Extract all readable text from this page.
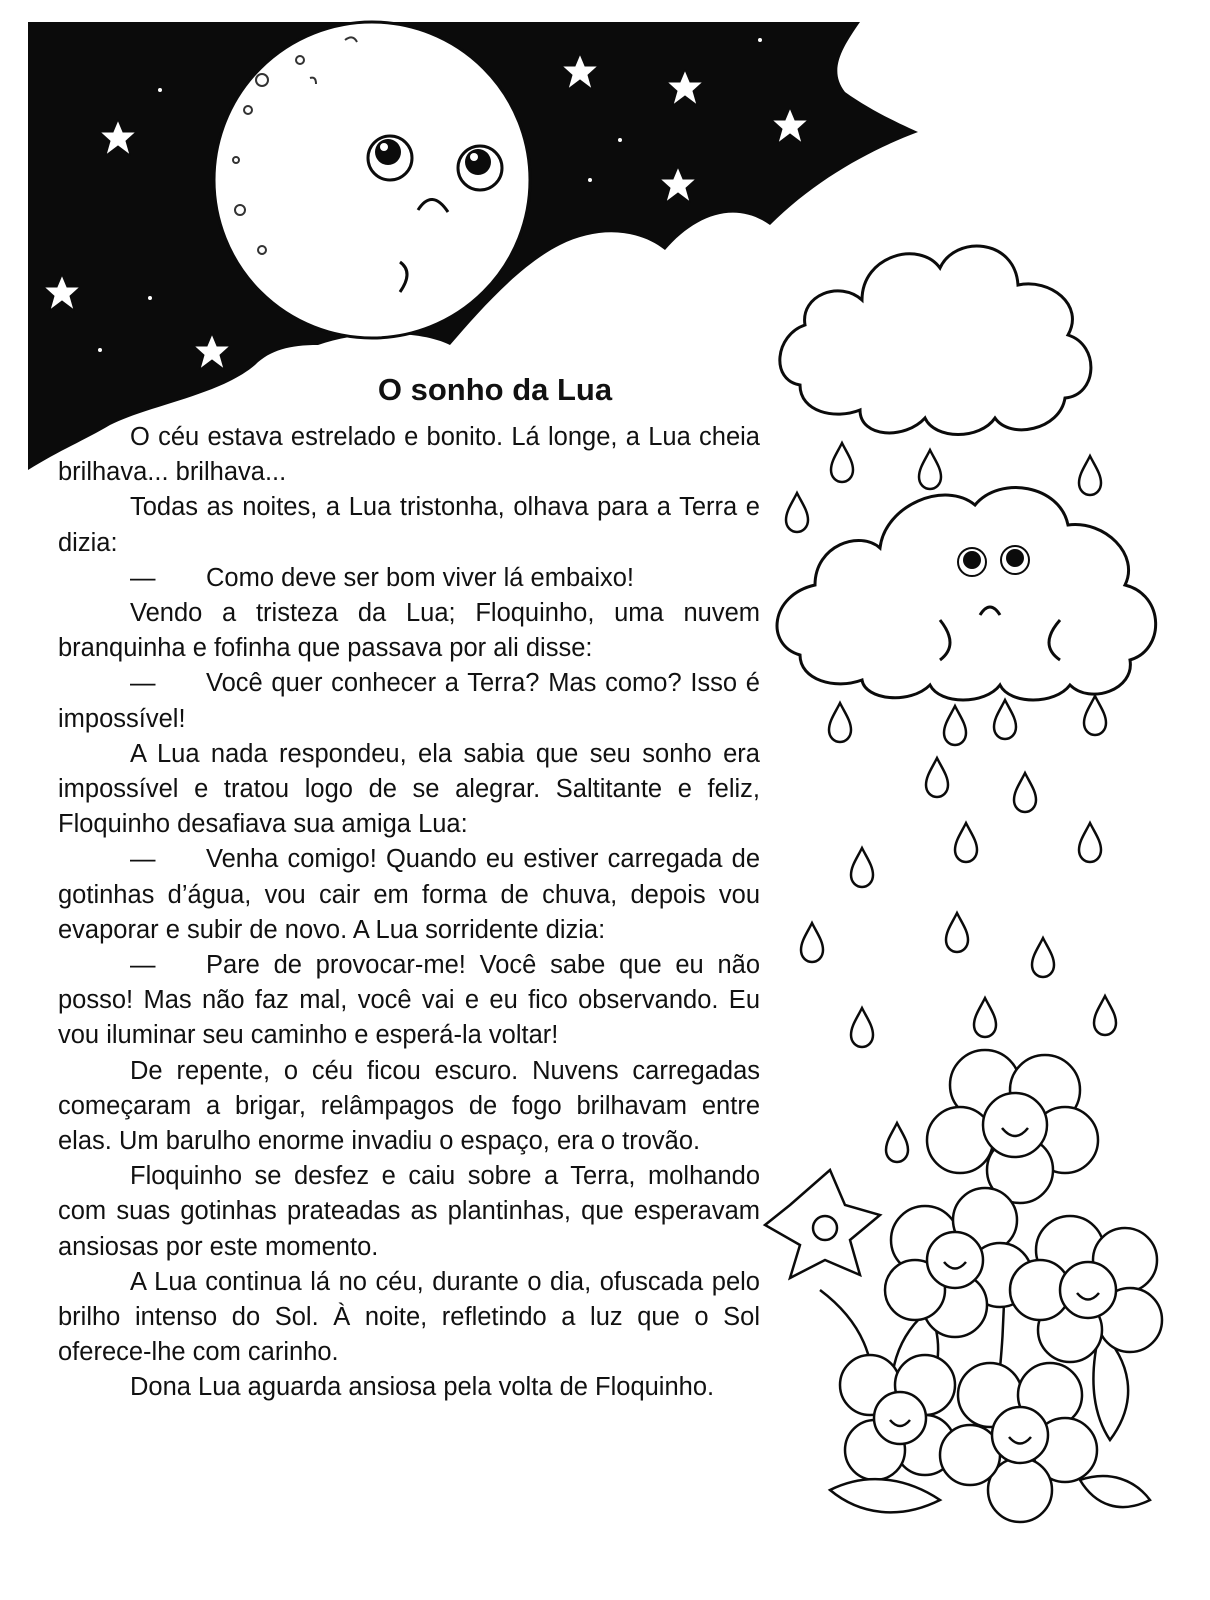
O sonho da Lua

O céu estava estrelado e bonito. Lá longe, a Lua cheia brilhava... brilhava...

Todas as noites, a Lua tristonha, olhava para a Terra e dizia:

— Como deve ser bom viver lá embaixo!

Vendo a tristeza da Lua; Floquinho, uma nuvem branquinha e fofinha que passava por ali disse:

— Você quer conhecer a Terra? Mas como? Isso é impossível!

A Lua nada respondeu, ela sabia que seu sonho era impossível e tratou logo de se alegrar. Saltitante e feliz, Floquinho desafiava sua amiga Lua:

— Venha comigo! Quando eu estiver carregada de gotinhas d’água, vou cair em forma de chuva, depois vou evaporar e subir de novo. A Lua sorridente dizia:

— Pare de provocar-me! Você sabe que eu não posso! Mas não faz mal, você vai e eu fico observando. Eu vou iluminar seu caminho e esperá-la voltar!

De repente, o céu ficou escuro. Nuvens carregadas começaram a brigar, relâmpagos de fogo brilhavam entre elas. Um barulho enorme invadiu o espaço, era o trovão.

Floquinho se desfez e caiu sobre a Terra, molhando com suas gotinhas prateadas as plantinhas, que esperavam ansiosas por este momento.

A Lua continua lá no céu, durante o dia, ofuscada pelo brilho intenso do Sol. À noite, refletindo a luz que o Sol oferece-lhe com carinho.

Dona Lua aguarda ansiosa pela volta de Floquinho.
